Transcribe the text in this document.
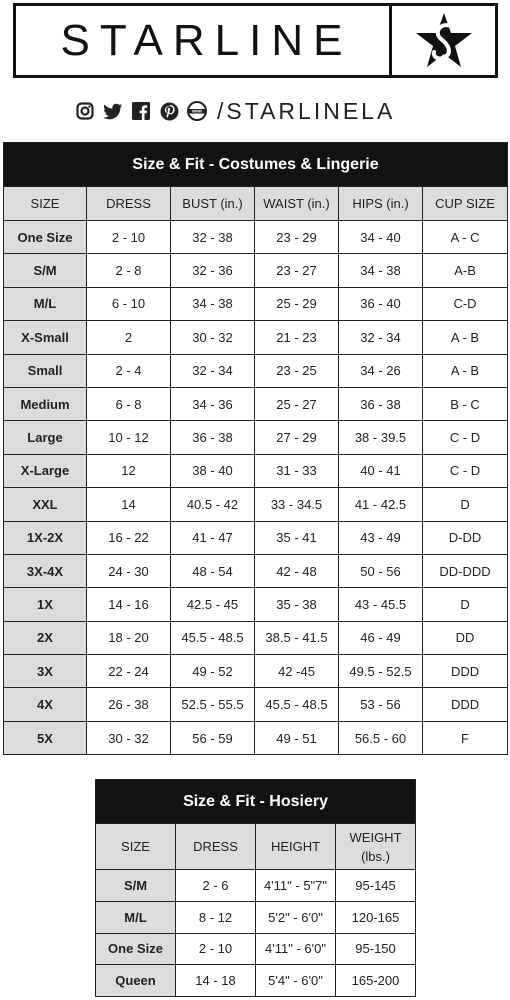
STARLINE
www /STARLINELA
Size & Fit - Costumes & Lingerie					
SIZE	DRESS	BUST (in.)	WAIST (in.)	HIPS (in.)	CUP SIZE
One Size	2 - 10	32 - 38	23 - 29	34 - 40	A - C
S/M	2 - 8	32 - 36	23 - 27	34 - 38	A-B
M/L	6 - 10	34 - 38	25 - 29	36 - 40	C-D
X-Small	2	30 - 32	21 - 23	32 - 34	A - B
Small	2 - 4	32 - 34	23 - 25	34 - 26	A - B
Medium	6 - 8	34 - 36	25 - 27	36 - 38	B - C
Large	10 - 12	36 - 38	27 - 29	38 - 39.5	C - D
X-Large	12	38 - 40	31 - 33	40 - 41	C - D
XXL	14	40.5 - 42	33 - 34.5	41 - 42.5	D
1X-2X	16 - 22	41 - 47	35 - 41	43 - 49	D-DD
3X-4X	24 - 30	48 - 54	42 - 48	50 - 56	DD-DDD
1X	14 - 16	42.5 - 45	35 - 38	43 - 45.5	D
2X	18 - 20	45.5 - 48.5	38.5 - 41.5	46 - 49	DD
3X	22 - 24	49 - 52	42 -45	49.5 - 52.5	DDD
4X	26 - 38	52.5 - 55.5	45.5 - 48.5	53 - 56	DDD
5X	30 - 32	56 - 59	49 - 51	56.5 - 60	F
Size & Fit - Hosiery			
SIZE	DRESS	HEIGHT	WEIGHT
(lbs.)
S/M	2 - 6	4'11" - 5"7"	95-145
M/L	8 - 12	5'2" - 6'0"	120-165
One Size	2 - 10	4'11" - 6'0"	95-150
Queen	14 - 18	5'4" - 6'0"	165-200
